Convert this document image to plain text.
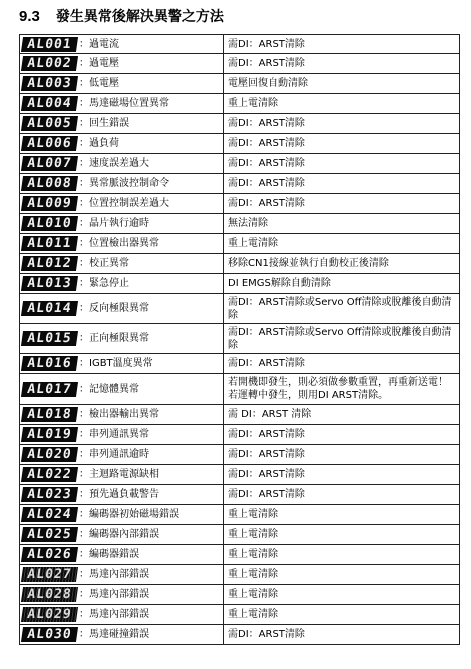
9.3 發生異常後解決異警之方法
AL001 ：過電流	需DI：ARST清除
AL002 ：過電壓	需DI：ARST清除
AL003 ：低電壓	電壓回復自動清除
AL004 ：馬達磁場位置異常	重上電清除
AL005 ：回生錯誤	需DI：ARST清除
AL006 ：過負荷	需DI：ARST清除
AL007 ：速度誤差過大	需DI：ARST清除
AL008 ：異常脈波控制命令	需DI：ARST清除
AL009 ：位置控制誤差過大	需DI：ARST清除
AL010 ：晶片執行逾時	無法清除
AL011 ：位置檢出器異常	重上電清除
AL012 ：校正異常	移除CN1接線並執行自動校正後清除
AL013 ：緊急停止	DI EMGS解除自動清除
AL014 ：反向極限異常	需DI：ARST清除或Servo Off清除或脫離後自動清除
AL015 ：正向極限異常	需DI：ARST清除或Servo Off清除或脫離後自動清除
AL016 ：IGBT溫度異常	需DI：ARST清除
AL017 ：記憶體異常	若開機即發生，則必須做參數重置，再重新送電！若運轉中發生，則用DI ARST清除。
AL018 ：檢出器輸出異常	需 DI：ARST 清除
AL019 ：串列通訊異常	需DI：ARST清除
AL020 ：串列通訊逾時	需DI：ARST清除
AL022 ：主迴路電源缺相	需DI：ARST清除
AL023 ：預先過負載警告	需DI：ARST清除
AL024 ：編碼器初始磁場錯誤	重上電清除
AL025 ：編碼器內部錯誤	重上電清除
AL026 ：編碼器錯誤	重上電清除
AL027 ：馬達內部錯誤	重上電清除
AL028 ：馬達內部錯誤	重上電清除
AL029 ：馬達內部錯誤	重上電清除
AL030 ：馬達碰撞錯誤	需DI：ARST清除
